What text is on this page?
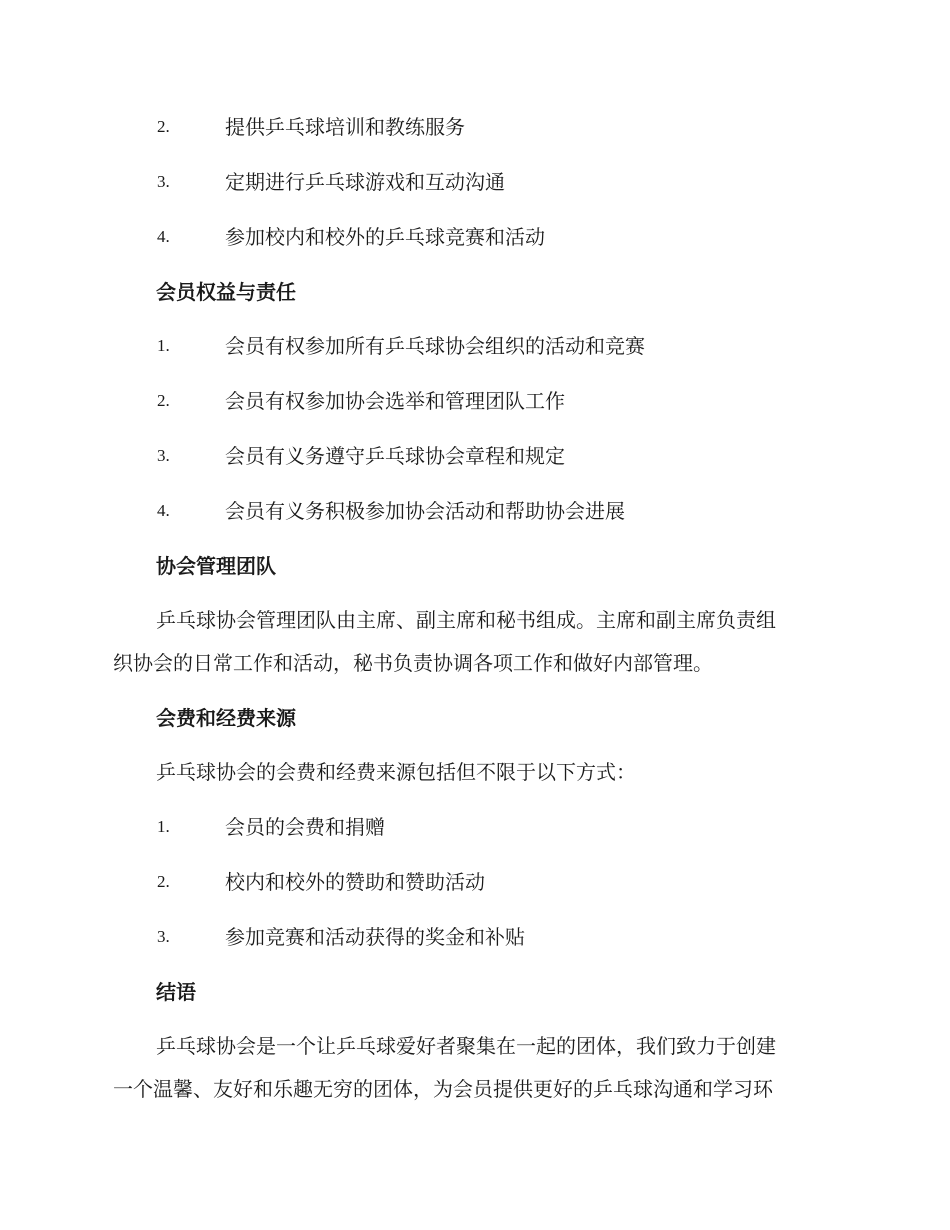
2.	提供乒乓球培训和教练服务
3.	定期进行乒乓球游戏和互动沟通
4.	参加校内和校外的乒乓球竞赛和活动
会员权益与责任
1.	会员有权参加所有乒乓球协会组织的活动和竞赛
2.	会员有权参加协会选举和管理团队工作
3.	会员有义务遵守乒乓球协会章程和规定
4.	会员有义务积极参加协会活动和帮助协会进展
协会管理团队
乒乓球协会管理团队由主席、副主席和秘书组成。主席和副主席负责组
织协会的日常工作和活动，秘书负责协调各项工作和做好内部管理。
会费和经费来源
乒乓球协会的会费和经费来源包括但不限于以下方式：
1.	会员的会费和捐赠
2.	校内和校外的赞助和赞助活动
3.	参加竞赛和活动获得的奖金和补贴
结语
乒乓球协会是一个让乒乓球爱好者聚集在一起的团体，我们致力于创建
一个温馨、友好和乐趣无穷的团体，为会员提供更好的乒乓球沟通和学习环
